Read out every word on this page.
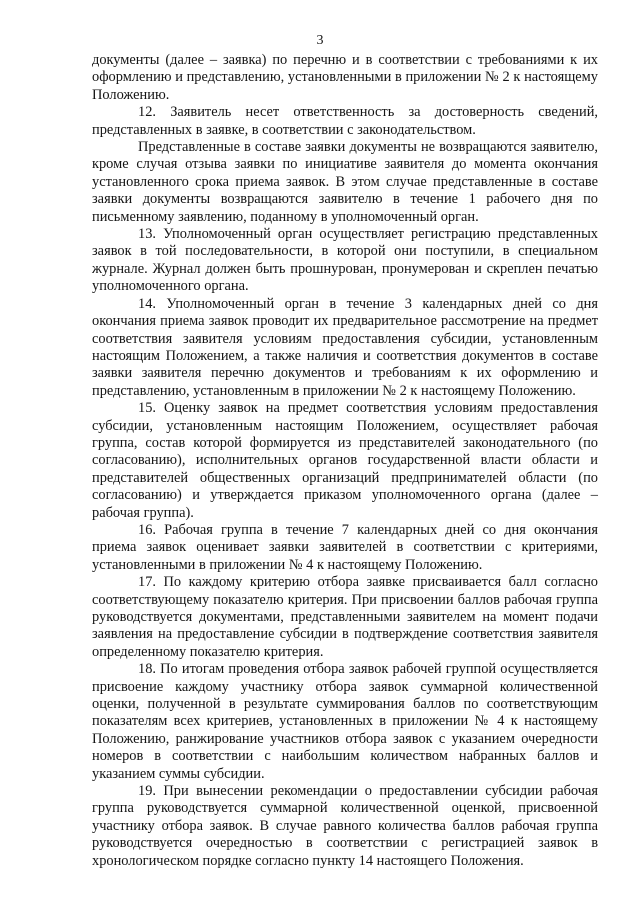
3

документы (далее – заявка) по перечню и в соответствии с требованиями к их оформлению и представлению, установленными в приложении № 2 к настоящему Положению.

12. Заявитель несет ответственность за достоверность сведений, представленных в заявке, в соответствии с законодательством.

Представленные в составе заявки документы не возвращаются заявителю, кроме случая отзыва заявки по инициативе заявителя до момента окончания установленного срока приема заявок. В этом случае представленные в составе заявки документы возвращаются заявителю в течение 1 рабочего дня по письменному заявлению, поданному в уполномоченный орган.

13. Уполномоченный орган осуществляет регистрацию представленных заявок в той последовательности, в которой они поступили, в специальном журнале. Журнал должен быть прошнурован, пронумерован и скреплен печатью уполномоченного органа.

14. Уполномоченный орган в течение 3 календарных дней со дня окончания приема заявок проводит их предварительное рассмотрение на предмет соответствия заявителя условиям предоставления субсидии, установленным настоящим Положением, а также наличия и соответствия документов в составе заявки заявителя перечню документов и требованиям к их оформлению и представлению, установленным в приложении № 2 к настоящему Положению.

15. Оценку заявок на предмет соответствия условиям предоставления субсидии, установленным настоящим Положением, осуществляет рабочая группа, состав которой формируется из представителей законодательного (по согласованию), исполнительных органов государственной власти области и представителей общественных организаций предпринимателей области (по согласованию) и утверждается приказом уполномоченного органа (далее – рабочая группа).

16. Рабочая группа в течение 7 календарных дней со дня окончания приема заявок оценивает заявки заявителей в соответствии с критериями, установленными в приложении № 4 к настоящему Положению.

17. По каждому критерию отбора заявке присваивается балл согласно соответствующему показателю критерия. При присвоении баллов рабочая группа руководствуется документами, представленными заявителем на момент подачи заявления на предоставление субсидии в подтверждение соответствия заявителя определенному показателю критерия.

18. По итогам проведения отбора заявок рабочей группой осуществляется присвоение каждому участнику отбора заявок суммарной количественной оценки, полученной в результате суммирования баллов по соответствующим показателям всех критериев, установленных в приложении № 4 к настоящему Положению, ранжирование участников отбора заявок с указанием очередности номеров в соответствии с наибольшим количеством набранных баллов и указанием суммы субсидии.

19. При вынесении рекомендации о предоставлении субсидии рабочая группа руководствуется суммарной количественной оценкой, присвоенной участнику отбора заявок. В случае равного количества баллов рабочая группа руководствуется очередностью в соответствии с регистрацией заявок в хронологическом порядке согласно пункту 14 настоящего Положения.
